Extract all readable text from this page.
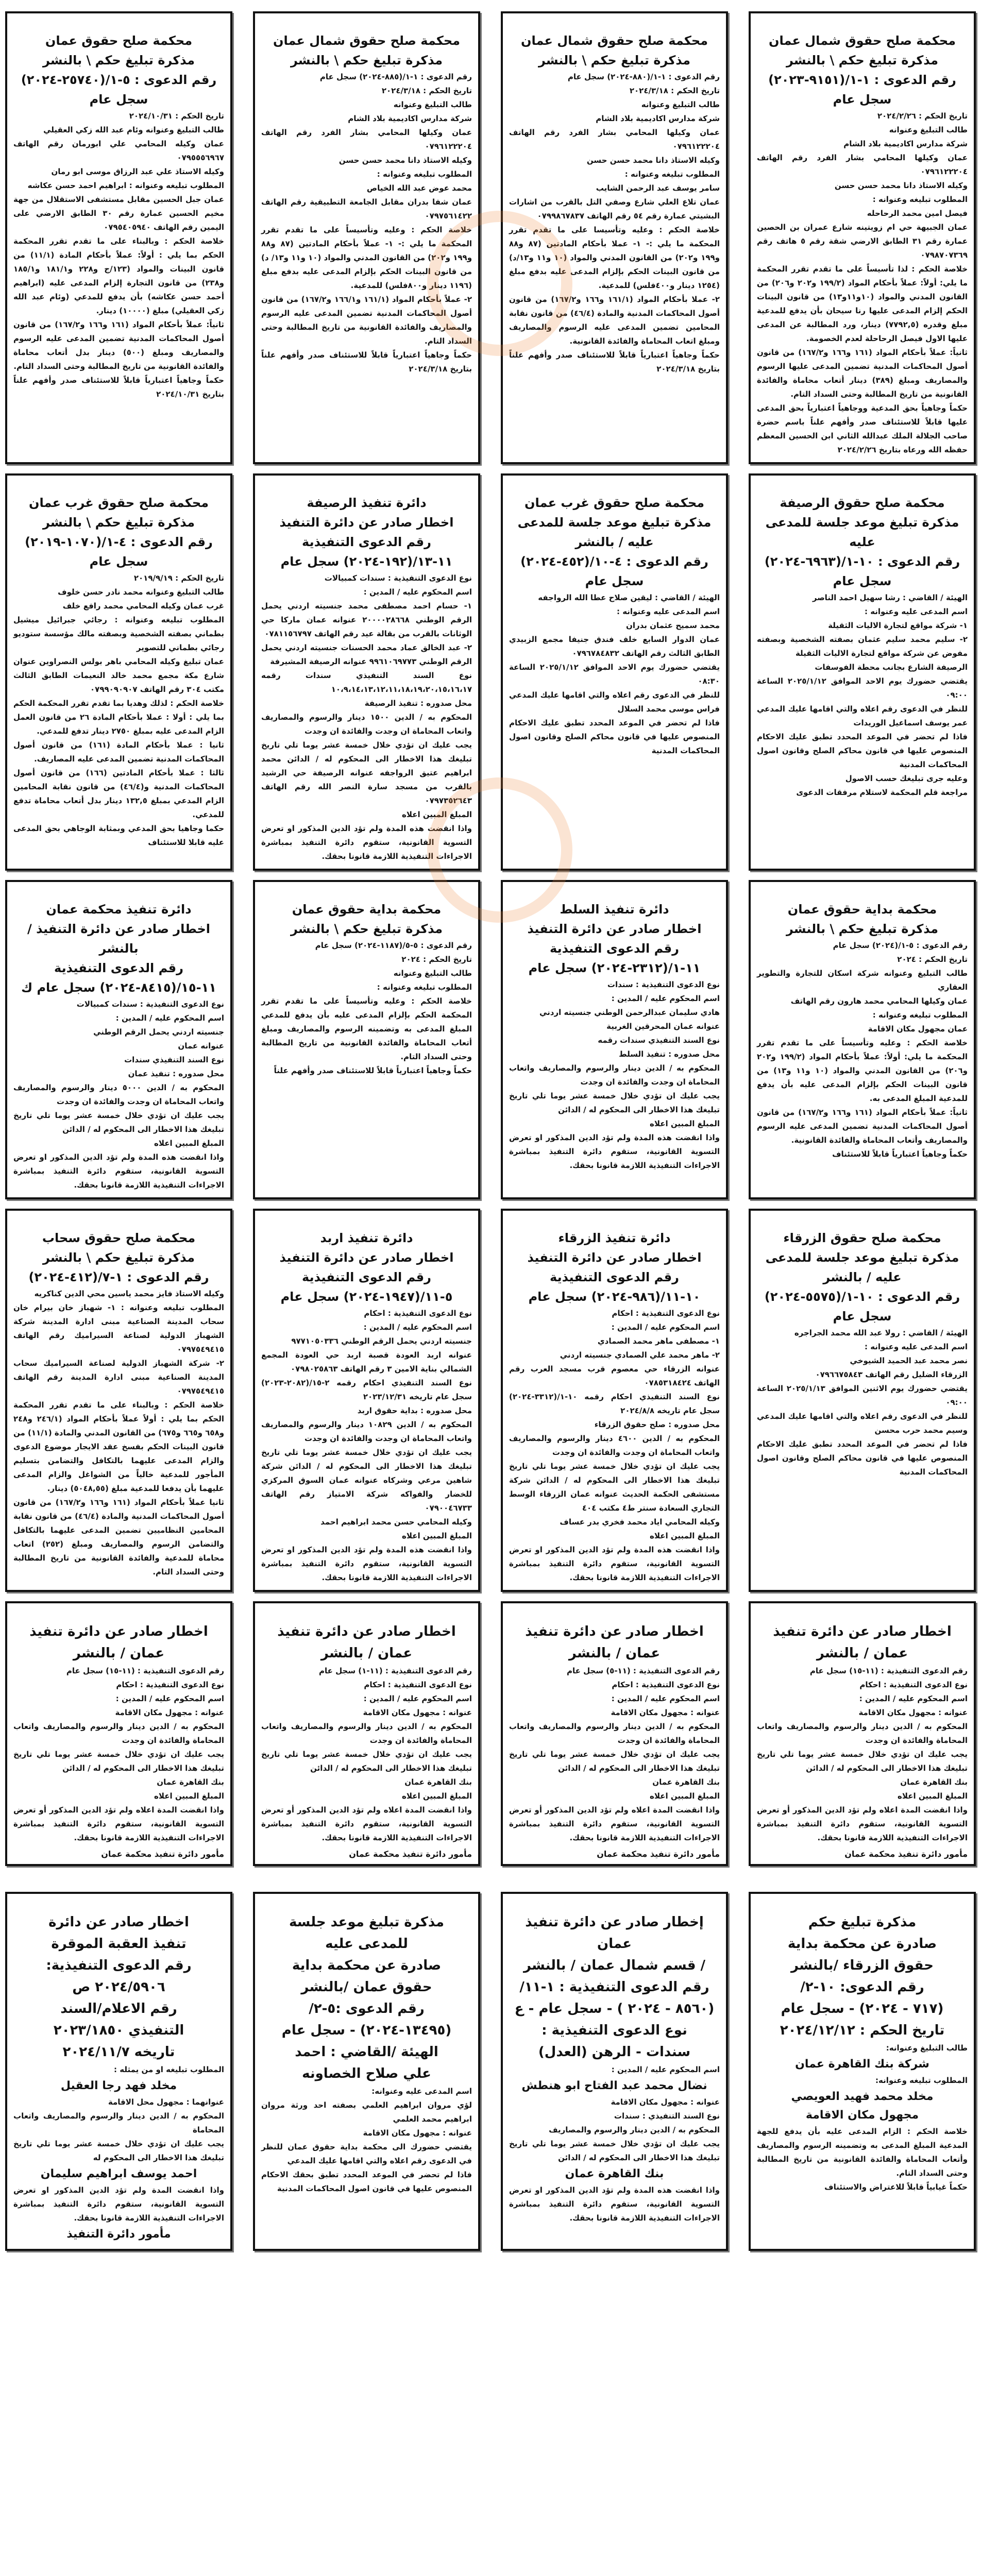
محكمة صلح حقوق شمال عمان

مذكرة تبليغ حكم \ بالنشر

رقم الدعوى : ١-١/(٩١٥١-٢٠٢٣)

سجل عام

تاريخ الحكم : ٢٠٢٤/٢/٢٦

طالب التبليغ وعنوانه

شركة مدارس اكاديمية بلاد الشام

عمان وكيلها المحامي بشار الفرد رقم الهاتف ٠٧٩٦١٢٢٢٠٤

وكيله الاستاذ دانا محمد حسن حسن

المطلوب تبليغه وعنوانه :

فيصل امين محمد الرحاحله

عمان الجبيهة حي ام زويتينه شارع عمران بن الحصين عمارة رقم ٣١ الطابق الارضي شقة رقم ٥ هاتف رقم ٠٧٩٨٧٠٧٣٦٩

خلاصة الحكم : لذا تأسيساً على ما تقدم تقرر المحكمة ما يلي: أولاً: عملاً بأحكام المواد (١٩٩/٢ و٢٠٢ و٢٠٦) من القانون المدني والمواد (١٠و١١و١٣) من قانون البينات الحكم إلزام المدعى عليها رنا سيحان بأن يدفع للمدعية مبلغ وقدره (٧٧٩٢,٥) دينار، ورد المطالبة عن المدعى عليها الاول فيصل الرحاحلة لعدم الخصومة.

ثانياً: عملاً بأحكام المواد (١٦١ و١٦٦ و١٦٧/٢) من قانون أصول المحاكمات المدنية تضمين المدعى عليها الرسوم والمصاريف ومبلغ (٣٨٩) دينار أتعاب محاماة والفائدة القانونية من تاريخ المطالبة وحتى السداد التام.

حكماً وجاهياً بحق المدعية ووجاهياً اعتبارياً بحق المدعى عليها قابلاً للاستئناف صدر وأفهم علناً باسم حضرة صاحب الجلالة الملك عبدالله الثاني ابن الحسين المعظم حفظه الله ورعاه بتاريخ ٢٠٢٤/٢/٢٦

محكمة صلح حقوق شمال عمان

مذكرة تبليغ حكم \ بالنشر

رقم الدعوى : ١-١/(٨٨٠-٢٠٢٤) سجل عام

تاريخ الحكم : ٢٠٢٤/٣/١٨

طالب التبليغ وعنوانه

شركة مدارس اكاديمية بلاد الشام

عمان وكيلها المحامي بشار الفرد رقم الهاتف ٠٧٩٦١٢٢٢٠٤

وكيله الاستاذ دانا محمد حسن حسن

المطلوب تبليغه وعنوانه :

سامر يوسف عبد الرحمن الشايب

عمان تلاع العلي شارع وصفي التل بالقرب من اشارات البشيتي عمارة رقم ٥٤ رقم الهاتف ٠٧٩٩٨٦٧٨٣٧

خلاصة الحكم : وعليه وتأسيسا على ما تقدم تقرر المحكمة ما يلي :- ١- عملا بأحكام المادتين (٨٧ و٨٨ و١٩٩ و٢٠٢) من القانون المدني والمواد (١٠ و١١ و١٣/د) من قانون البينات الحكم بإلزام المدعى عليه بدفع مبلغ (١٢٥٤ دينار و٤٠٠فلس) للمدعية.

٢- عملا بأحكام المواد (١٦١/١ و١٦٦ و١٦٧/٢) من قانون أصول المحاكمات المدنية والمادة (٤٦/٤) من قانون نقابة المحامين تضمين المدعى عليه الرسوم والمصاريف ومبلغ اتعاب المحاماة والفائدة القانونية.

حكماً وجاهياً اعتبارياً قابلاً للاستئناف صدر وأفهم علناً بتاريخ ٢٠٢٤/٣/١٨

محكمة صلح حقوق شمال عمان

مذكرة تبليغ حكم \ بالنشر

رقم الدعوى : ١-١/(٨٨٥-٢٠٢٤) سجل عام

تاريخ الحكم : ٢٠٢٤/٣/١٨

طالب التبليغ وعنوانه

شركة مدارس اكاديمية بلاد الشام

عمان وكيلها المحامي بشار الفرد رقم الهاتف ٠٧٩٦١٢٢٢٠٤

وكيله الاستاذ دانا محمد حسن حسن

المطلوب تبليغه وعنوانه :

محمد عوض عبد الله الخياص

عمان شفا بدران مقابل الجامعة التطبيقية رقم الهاتف ٠٧٩٧٥٦١٤٢٢

خلاصة الحكم : وعليه وتأسيساً على ما تقدم تقرر المحكمة ما يلي :- ١- عملاً بأحكام المادتين (٨٧ و٨٨ و١٩٩ و٢٠٢) من القانون المدني والمواد (١٠ و١١ و١٣/ د) من قانون البينات الحكم بإلزام المدعى عليه بدفع مبلغ (١١٩٦ دينار و٨٠٠فلس) للمدعية.

٢- عملاً بأحكام المواد (١٦١/١ و١٦٦/١ و١٦٧/٢) من قانون أصول المحاكمات المدنية تضمين المدعى عليه الرسوم والمصاريف والفائدة القانونية من تاريخ المطالبة وحتى السداد التام.

حكماً وجاهياً اعتبارياً قابلاً للاستئناف صدر وأفهم علناً بتاريخ ٢٠٢٤/٣/١٨

محكمة صلح حقوق عمان

مذكرة تبليغ حكم \ بالنشر

رقم الدعوى : ٥-١/(٢٥٧٤٠-٢٠٢٤)

سجل عام

تاريخ الحكم : ٢٠٢٤/١٠/٣١

طالب التبليغ وعنوانه وئام عبد الله زكي العقيلي

عمان وكيله المحامي علي ابورمان رقم الهاتف ٠٧٩٥٥٥٦٩٦٧

وكيله الاستاذ علي عبد الرزاق موسى ابو رمان

المطلوب تبليغه وعنوانه : ابراهيم احمد حسن عكاشه

عمان جبل الحسين مقابل مستشفى الاستقلال من جهة مخيم الحسين عمارة رقم ٣٠ الطابق الارضي على اليمين رقم الهاتف ٠٧٩٥٤٠٥٩٤٠

خلاصة الحكم : وبالبناء على ما تقدم تقرر المحكمة الحكم بما يلي : أولاً: عملاً بأحكام المادة (١١/١) من قانون البينات والمواد (١٢٣/ج و٢٢٨ و١٨١/١ و١٨٥/١ و٢٣٨) من قانون التجارة إلزام المدعى عليه (ابراهيم أحمد حسن عكاشه) بأن يدفع للمدعي (وئام عبد الله زكي العقيلي) مبلغ (١٠٠٠٠) دينار.

ثانياً: عملاً بأحكام المواد (١٦١ و١٦٦ و١٦٧/٢) من قانون أصول المحاكمات المدنية تضمين المدعى عليه الرسوم والمصاريف ومبلغ (٥٠٠) دينار بدل أتعاب محاماة والفائدة القانونية من تاريخ المطالبة وحتى السداد التام.

حكماً وجاهياً اعتبارياً قابلاً للاستئناف صدر وأفهم علناً بتاريخ ٢٠٢٤/١٠/٣١

محكمة صلح حقوق الرصيفة

مذكرة تبليغ موعد جلسة للمدعى عليه

رقم الدعوى : ١٠-١/(٦٩٦٣-٢٠٢٤)

سجل عام

الهيئة / القاضي : رشا سهيل احمد الناصر

اسم المدعى عليه وعنوانه :

١- شركة مواقع لتجارة الاليات الثقيلة

٢- سليم محمد سليم عثمان بصفته الشخصية وبصفته مفوض عن شركة مواقع لتجارة الاليات الثقيلة

الرصيفة الشارع بجانب محطة الفوسفات

يقتضي حضورك يوم الاحد الموافق ٢٠٢٥/١/١٢ الساعة ٠٩:٠٠

للنظر في الدعوى رقم اعلاه والتي اقامها عليك المدعي عمر يوسف اسماعيل الوريدات

فاذا لم تحضر في الموعد المحدد تطبق عليك الاحكام المنصوص عليها في قانون محاكم الصلح وقانون اصول المحاكمات المدنية

وعليه جرى تبليغك حسب الاصول

مراجعة قلم المحكمة لاستلام مرفقات الدعوى

محكمة صلح حقوق غرب عمان

مذكرة تبليغ موعد جلسة للمدعى عليه / بالنشر

رقم الدعوى : ٤-١٠/(٤٥٢-٢٠٢٤)

سجل عام

الهيئة / القاضي : ليقين صلاح عطا الله الرواجفه

اسم المدعى عليه وعنوانه :

محمد سميح عثمان بدران

عمان الدوار السابع خلف فندق جنيفا مجمع الزبيدي الطابق الثالث رقم الهاتف ٠٧٩٦٧٨٤٨٣٢

يقتضي حضورك يوم الاحد الموافق ٢٠٢٥/١/١٢ الساعة ٠٨:٣٠

للنظر في الدعوى رقم اعلاه والتي اقامها عليك المدعي فراس موسى محمد السلال

فاذا لم تحضر في الموعد المحدد تطبق عليك الاحكام المنصوص عليها في قانون محاكم الصلح وقانون اصول المحاكمات المدنية

دائرة تنفيذ الرصيفة

اخطار صادر عن دائرة التنفيذ

رقم الدعوى التنفيذية ١١-١٣/(١٩٢-٢٠٢٤) سجل عام

نوع الدعوى التنفيذية : سندات كمبيالات

اسم المحكوم عليه / المدين :

١- حسام احمد مصطفى محمد جنسيته اردني يحمل الرقم الوطني ٢٠٠٠٠٢٨٦٦٨ عنوانه عمان ماركا حي الوثانات بالقرب من بقالة عيد رقم الهاتف ٠٧٨١١٥٦٧٩٧

٢- عبد الخالق عماد محمد الحسنات جنسيته اردني يحمل الرقم الوطني ٩٩٦١٠٦٩٧٧٣ عنوانه الرصيفة المشيرفة

نوع السند التنفيذي سندات رقمه ١٠،٩،١٤،١٣،١٢،١١،١٨،١٩،٢٠،١٥،١٦،١٧

محل صدوره : تنفيذ الرصيفة

المحكوم به / الدين ١٥٠٠ دينار والرسوم والمصاريف واتعاب المحاماة ان وجدت والفائدة ان وجدت

يجب عليك ان تؤدي خلال خمسة عشر يوما تلي تاريخ تبليغك هذا الاخطار الى المحكوم له / الدائن محمد ابراهيم عتيق الرواجفه عنوانه الرصيفة حي الرشيد بالقرب من مسجد سارة النصر الله رقم الهاتف ٠٧٩٧٣٥٢٦٤٣

المبلغ المبين اعلاه

واذا انقضت هذه المدة ولم تؤد الدين المذكور او تعرض التسوية القانونية، ستقوم دائرة التنفيذ بمباشرة الاجراءات التنفيذية اللازمة قانونا بحقك.

محكمة صلح حقوق غرب عمان

مذكرة تبليغ حكم \ بالنشر

رقم الدعوى : ٤-١/(١٠٧٠-٢٠١٩)

سجل عام

تاريخ الحكم : ٢٠١٩/٩/١٩

طالب التبليغ وعنوانه محمد نادر حسن خلوف

غرب عمان وكيله المحامي محمد رافع خلف

المطلوب تبليغه وعنوانه : رجائي جبرائيل ميشيل بطماني بصفته الشخصية وبصفته مالك مؤسسة ستوديو رجائي بطماني للتصوير

عمان تبليغ وكيله المحامي باهر بولس النصراوين عنوان شارع مكة مجمع محمد خالد النعيمات الطابق الثالث مكتب ٣٠٤ رقم الهاتف ٠٧٩٩٠٩٠٩٠٧

خلاصة الحكم : لذلك وهديا بما تقدم تقرر المحكمة الحكم بما يلي : أولا : عملا بأحكام المادة ٢٦ من قانون العمل الزام المدعى عليه بمبلغ ٢٧٥٠ دينار تدفع للمدعي.

ثانيا : عملا بأحكام المادة (١٦١) من قانون أصول المحاكمات المدنية تضمين المدعى عليه المصاريف.

ثالثا : عملا بأحكام المادتين (١٦٦) من قانون أصول المحاكمات المدنية و(٤٦/٤) من قانون نقابة المحامين الزام المدعي بمبلغ ١٣٢,٥ دينار بدل أتعاب محاماة تدفع للمدعي.

حكما وجاهيا بحق المدعي وبمثابة الوجاهي بحق المدعى عليه قابلا للاستئناف

محكمة بداية حقوق عمان

مذكرة تبليغ حكم \ بالنشر

رقم الدعوى : ٥-١/(٢٠٢٤) سجل عام

تاريخ الحكم : ٢٠٢٤

طالب التبليغ وعنوانه شركة اسكان للتجارة والتطوير العقاري

عمان وكيلها المحامي محمد هارون رقم الهاتف

المطلوب تبليغه وعنوانه :

عمان مجهول مكان الاقامة

خلاصة الحكم : وعليه وتأسيساً على ما تقدم تقرر المحكمة ما يلي: أولاً: عملاً بأحكام المواد (١٩٩/٢ و٢٠٢ و٢٠٦) من القانون المدني والمواد (١٠ و١١ و١٣) من قانون البينات الحكم بإلزام المدعى عليه بأن يدفع للمدعية المبلغ المدعى به.

ثانياً: عملاً بأحكام المواد (١٦١ و١٦٦ و١٦٧/٢) من قانون أصول المحاكمات المدنية تضمين المدعى عليه الرسوم والمصاريف وأتعاب المحاماة والفائدة القانونية.

حكماً وجاهياً اعتبارياً قابلاً للاستئناف

دائرة تنفيذ السلط

اخطار صادر عن دائرة التنفيذ

رقم الدعوى التنفيذية ١١-١/(٢٣١٢-٢٠٢٤) سجل عام

نوع الدعوى التنفيذية : سندات

اسم المحكوم عليه / المدين :

هادي سليمان عبدالرحمن الوطني جنسيته اردني

عنوانه عمان المحرقين الغربية

نوع السند التنفيذي سندات رقمه

محل صدوره : تنفيذ السلط

المحكوم به / الدين دينار والرسوم والمصاريف واتعاب المحاماة ان وجدت والفائدة ان وجدت

يجب عليك ان تؤدي خلال خمسة عشر يوما تلي تاريخ تبليغك هذا الاخطار الى المحكوم له / الدائن

المبلغ المبين اعلاه

واذا انقضت هذه المدة ولم تؤد الدين المذكور او تعرض التسوية القانونية، ستقوم دائرة التنفيذ بمباشرة الاجراءات التنفيذية اللازمة قانونا بحقك.

محكمة بداية حقوق عمان

مذكرة تبليغ حكم \ بالنشر

رقم الدعوى : ٥-٥/(١١٨٧-٢٠٢٤) سجل عام

تاريخ الحكم : ٢٠٢٤

طالب التبليغ وعنوانه

المطلوب تبليغه وعنوانه :

خلاصة الحكم : وعليه وتأسيساً على ما تقدم تقرر المحكمة الحكم بإلزام المدعى عليه بأن يدفع للمدعي المبلغ المدعى به وتضمينه الرسوم والمصاريف ومبلغ أتعاب المحاماة والفائدة القانونية من تاريخ المطالبة وحتى السداد التام.

حكماً وجاهياً اعتبارياً قابلاً للاستئناف صدر وأفهم علناً

دائرة تنفيذ محكمة عمان

اخطار صادر عن دائرة التنفيذ / بالنشر

رقم الدعوى التنفيذية ١١-١٥/(٨٤١٥-٢٠٢٤) سجل عام ك

نوع الدعوى التنفيذية : سندات كمبيالات

اسم المحكوم عليه / المدين :

جنسيته اردني يحمل الرقم الوطني

عنوانه عمان

نوع السند التنفيذي سندات

محل صدوره : تنفيذ عمان

المحكوم به / الدين ٥٠٠٠ دينار والرسوم والمصاريف واتعاب المحاماة ان وجدت والفائدة ان وجدت

يجب عليك ان تؤدي خلال خمسة عشر يوما تلي تاريخ تبليغك هذا الاخطار الى المحكوم له / الدائن

المبلغ المبين اعلاه

واذا انقضت هذه المدة ولم تؤد الدين المذكور او تعرض التسوية القانونية، ستقوم دائرة التنفيذ بمباشرة الاجراءات التنفيذية اللازمة قانونا بحقك.

محكمة صلح حقوق الزرقاء

مذكرة تبليغ موعد جلسة للمدعى عليه / بالنشر

رقم الدعوى : ١٠-١/(٥٥٧٥-٢٠٢٤)

سجل عام

الهيئة / القاضي : رولا عبد الله محمد الجراجره

اسم المدعى عليه وعنوانه :

نصر محمد عبد الحميد الشيوخي

الزرقاء الضليل رقم الهاتف ٠٧٩٦٦٧٥٨٤٣

يقتضي حضورك يوم الاثنين الموافق ٢٠٢٥/١/١٣ الساعة ٠٩:٠٠

للنظر في الدعوى رقم اعلاه والتي اقامها عليك المدعي وسيم محمد حرب محسن

فاذا لم تحضر في الموعد المحدد تطبق عليك الاحكام المنصوص عليها في قانون محاكم الصلح وقانون اصول المحاكمات المدنية

دائرة تنفيذ الزرقاء

اخطار صادر عن دائرة التنفيذ

رقم الدعوى التنفيذية ١٠-١١/(٩٨٦-٢٠٢٤) سجل عام

نوع الدعوى التنفيذية : احكام

اسم المحكوم عليه / المدين :

١- مصطفى ماهر محمد الصمادي

٢- ماهر محمد علي الصمادي جنسيته اردني

عنوانه الزرقاء حي معصوم قرب مسجد العرب رقم الهاتف ٠٧٨٥٣١٨٤٢٤

نوع السند التنفيذي احكام رقمه ١٠-١/(٣٣١٢-٢٠٢٤) سجل عام تاريخه ٢٠٢٤/٨/٨

محل صدوره : صلح حقوق الزرقاء

المحكوم به / الدين ٤٦٠٠ دينار والرسوم والمصاريف واتعاب المحاماة ان وجدت والفائدة ان وجدت

يجب عليك ان تؤدي خلال خمسة عشر يوما تلي تاريخ تبليغك هذا الاخطار الى المحكوم له / الدائن شركة مستشفى الحكمة الحديث عنوانه عمان الزرقاء الوسط التجاري السعادة سنتر ط٤ مكتب ٤٠٤

وكيله المحامي اياد محمد فخري بدر عساف

المبلغ المبين اعلاه

واذا انقضت هذه المدة ولم تؤد الدين المذكور او تعرض التسوية القانونية، ستقوم دائرة التنفيذ بمباشرة الاجراءات التنفيذية اللازمة قانونا بحقك.

دائرة تنفيذ اربد

اخطار صادر عن دائرة التنفيذ

رقم الدعوى التنفيذية ٥-١١/(١٩٤٧-٢٠٢٤) سجل عام

نوع الدعوى التنفيذية : احكام

اسم المحكوم عليه / المدين :

جنسيته اردني يحمل الرقم الوطني ٩٧٧١٠٥٠٣٣٦

عنوانه اربد العودة قصبة اربد حي العودة المجمع الشمالي بناية الامين ٣ رقم الهاتف ٠٧٩٨٠٢٥٨٦٣

نوع السند التنفيذي احكام رقمه ٢-١٥/(٢٠٨٢-٢٠٢٣) سجل عام تاريخه ٢٠٢٣/١٢/٣١

محل صدوره : بداية حقوق اربد

المحكوم به / الدين ١٠٨٢٩ دينار والرسوم والمصاريف واتعاب المحاماة ان وجدت والفائدة ان وجدت

يجب عليك ان تؤدي خلال خمسة عشر يوما تلي تاريخ تبليغك هذا الاخطار الى المحكوم له / الدائن شركة شاهين مرعي وشركاه عنوانه عمان السوق المركزي للخضار والفواكه شركة الامتياز رقم الهاتف ٠٧٩٠٠٤٦٧٣٣

وكيله المحامي حسن محمد ابراهيم احمد

المبلغ المبين اعلاه

واذا انقضت هذه المدة ولم تؤد الدين المذكور او تعرض التسوية القانونية، ستقوم دائرة التنفيذ بمباشرة الاجراءات التنفيذية اللازمة قانونا بحقك.

محكمة صلح حقوق سحاب

مذكرة تبليغ حكم \ بالنشر

رقم الدعوى : ١-٧/(٤١٢-٢٠٢٤)

وكيله الاستاذ فايز محمد ياسين محي الدين كناكريه

المطلوب تبليغه وعنوانه : ١- شهباز خان بيرام خان سحاب المدينة الصناعية مبنى ادارة المدينة شركة الشهباز الدولية لصناعة السيراميك رقم الهاتف ٠٧٩٧٥٤٩٤١٥

٢- شركة الشهباز الدولية لصناعة السيراميك سحاب المدينة الصناعية مبنى ادارة المدينة رقم الهاتف ٠٧٩٧٥٤٩٤١٥

خلاصة الحكم : وبالبناء على ما تقدم تقرر المحكمة الحكم بما يلي : أولاً عملاً بأحكام المواد (٢٤٦/١ و٢٤٨ و٦٥٨ و٦٦٥ و٦٧٥) من القانون المدني والمادة (١١/١) من قانون البينات الحكم بفسخ عقد الايجار موضوع الدعوى والزام المدعى عليهما بالتكافل والتضامن بتسليم المأجور للمدعية خالياً من الشواغل والزام المدعى عليهما بأن يدفعا للمدعية مبلغ (٥٠٤٨,٥٥) دينار.

ثانيا عملاً بأحكام المواد (١٦١ و١٦٦ و١٦٧/٢) من قانون أصول المحاكمات المدنية والمادة (٤٦/٤) من قانون نقابة المحامين النظاميين تضمين المدعى عليهما بالتكافل والتضامن الرسوم والمصاريف ومبلغ (٢٥٢) اتعاب محاماة للمدعية والفائدة القانونية من تاريخ المطالبة وحتى السداد التام.

اخطار صادر عن دائرة تنفيذ عمان / بالنشر

رقم الدعوى التنفيذية : (١١-١٥) سجل عام

نوع الدعوى التنفيذية : احكام

اسم المحكوم عليه / المدين :

عنوانه : مجهول مكان الاقامة

المحكوم به / الدين دينار والرسوم والمصاريف واتعاب المحاماة والفائدة ان وجدت

يجب عليك ان تؤدي خلال خمسة عشر يوما تلي تاريخ تبليغك هذا الاخطار الى المحكوم له / الدائن

بنك القاهرة عمان

المبلغ المبين اعلاه

واذا انقضت المدة اعلاه ولم تؤد الدين المذكور أو تعرض التسوية القانونية، ستقوم دائرة التنفيذ بمباشرة الاجراءات التنفيذية اللازمة قانونا بحقك.

مأمور دائرة تنفيذ محكمة عمان

اخطار صادر عن دائرة تنفيذ عمان / بالنشر

رقم الدعوى التنفيذية : (١١-٥) سجل عام

نوع الدعوى التنفيذية : احكام

اسم المحكوم عليه / المدين :

عنوانه : مجهول مكان الاقامة

المحكوم به / الدين دينار والرسوم والمصاريف واتعاب المحاماة والفائدة ان وجدت

يجب عليك ان تؤدي خلال خمسة عشر يوما تلي تاريخ تبليغك هذا الاخطار الى المحكوم له / الدائن

بنك القاهرة عمان

المبلغ المبين اعلاه

واذا انقضت المدة اعلاه ولم تؤد الدين المذكور أو تعرض التسوية القانونية، ستقوم دائرة التنفيذ بمباشرة الاجراءات التنفيذية اللازمة قانونا بحقك.

مأمور دائرة تنفيذ محكمة عمان

اخطار صادر عن دائرة تنفيذ عمان / بالنشر

رقم الدعوى التنفيذية : (١١-١) سجل عام

نوع الدعوى التنفيذية : احكام

اسم المحكوم عليه / المدين :

عنوانه : مجهول مكان الاقامة

المحكوم به / الدين دينار والرسوم والمصاريف واتعاب المحاماة والفائدة ان وجدت

يجب عليك ان تؤدي خلال خمسة عشر يوما تلي تاريخ تبليغك هذا الاخطار الى المحكوم له / الدائن

بنك القاهرة عمان

المبلغ المبين اعلاه

واذا انقضت المدة اعلاه ولم تؤد الدين المذكور أو تعرض التسوية القانونية، ستقوم دائرة التنفيذ بمباشرة الاجراءات التنفيذية اللازمة قانونا بحقك.

مأمور دائرة تنفيذ محكمة عمان

اخطار صادر عن دائرة تنفيذ عمان / بالنشر

رقم الدعوى التنفيذية : (١١-١٥) سجل عام

نوع الدعوى التنفيذية : احكام

اسم المحكوم عليه / المدين :

عنوانه : مجهول مكان الاقامة

المحكوم به / الدين دينار والرسوم والمصاريف واتعاب المحاماة والفائدة ان وجدت

يجب عليك ان تؤدي خلال خمسة عشر يوما تلي تاريخ تبليغك هذا الاخطار الى المحكوم له / الدائن

بنك القاهرة عمان

المبلغ المبين اعلاه

واذا انقضت المدة اعلاه ولم تؤد الدين المذكور أو تعرض التسوية القانونية، ستقوم دائرة التنفيذ بمباشرة الاجراءات التنفيذية اللازمة قانونا بحقك.

مأمور دائرة تنفيذ محكمة عمان

مذكرة تبليغ حكم

صادرة عن محكمة بداية

حقوق الزرقاء /بالنشر

رقم الدعوى: ١٠-٢/

(٧١٧ - ٢٠٢٤) - سجل عام

تاريخ الحكم : ٢٠٢٤/١٢/١٢

طالب التبليغ وعنوانه:

شركة بنك القاهرة عمان

المطلوب تبليغه وعنوانه:

مخلد محمد فهيد العويصي

مجهول مكان الاقامة

خلاصة الحكم : الزام المدعى عليه بأن يدفع للجهة المدعية المبلغ المدعى به وتضمينه الرسوم والمصاريف وأتعاب المحاماة والفائدة القانونية من تاريخ المطالبة وحتى السداد التام.

حكماً غيابياً قابلاً للاعتراض والاستئناف

إخطار صادر عن دائرة تنفيذ عمان

/ قسم شمال عمان / بالنشر

رقم الدعوى التنفيذية : ١-١١/

(٨٥٦٠ - ٢٠٢٤ ) - سجل عام - ع

نوع الدعوى التنفيذية :

سندات - الرهن (العدل)

اسم المحكوم عليه / المدين :

نضال محمد عبد الفتاح ابو هنطش

عنوانه : مجهول مكان الاقامة

نوع السند التنفيذي : سندات

المحكوم به / الدين دينار والرسوم والمصاريف

يجب عليك ان تؤدي خلال خمسة عشر يوما تلي تاريخ تبليغك هذا الاخطار الى المحكوم له / الدائن

بنك القاهرة عمان

واذا انقضت هذه المدة ولم تؤد الدين المذكور او تعرض التسوية القانونية، ستقوم دائرة التنفيذ بمباشرة الاجراءات التنفيذية اللازمة قانونا بحقك.

مذكرة تبليغ موعد جلسة

للمدعى عليه

صادرة عن محكمة بداية

حقوق عمان /بالنشر

رقم الدعوى :٥-٢/

(١٣٤٩٥-٢٠٢٤) - سجل عام

الهيئة /القاضي : احمد

علي صلاح الخصاونه

اسم المدعى عليه وعنوانه:

لؤي مروان ابراهيم العلمي بصفته احد ورثة مروان ابراهيم محمد العلمي

عنوانه : مجهول مكان الاقامة

يقتضي حضورك الى محكمة بداية حقوق عمان للنظر في الدعوى رقم اعلاه والتي اقامها عليك المدعي

فاذا لم تحضر في الموعد المحدد تطبق بحقك الاحكام المنصوص عليها في قانون اصول المحاكمات المدنية

اخطار صادر عن دائرة

تنفيذ العقبة الموقرة

رقم الدعوى التنفيذية:

٢٠٢٤/٥٩٠٦ ص

رقم الاعلام/السند

التنفيذي ٢٠٢٣/١٨٥٠

تاريخه ٢٠٢٤/١١/٧

المطلوب تبليغه او من يمثله :

مخلد فهد رجا العقيل

عنوانهما : مجهول محل الاقامة

المحكوم به / الدين دينار والرسوم والمصاريف واتعاب المحاماة

يجب عليك ان تؤدي خلال خمسة عشر يوما تلي تاريخ تبليغك هذا الاخطار الى المحكوم له

احمد يوسف ابراهيم سليمان

واذا انقضت المدة ولم تؤد الدين المذكور او تعرض التسوية القانونية، ستقوم دائرة التنفيذ بمباشرة الاجراءات التنفيذية اللازمة قانونا بحقك.

مأمور دائرة التنفيذ
